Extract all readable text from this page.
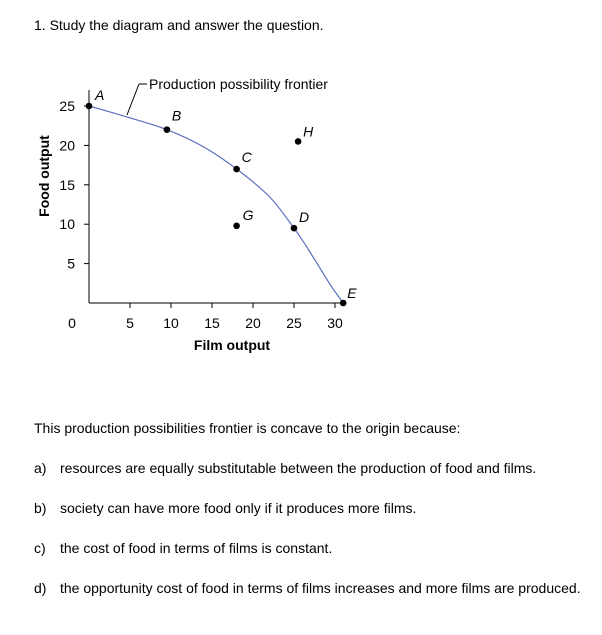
1. Study the diagram and answer the question.
5
10
15
20
25
0	5 10 15 20 25 30
Production possibility frontier
A
B
C
D
E
G
H
Film output
Food output
This production possibilities frontier is concave to the origin because:
a) resources are equally substitutable between the production of food and films.
b) society can have more food only if it produces more films.
c) the cost of food in terms of films is constant.
d) the opportunity cost of food in terms of films increases and more films are produced.
